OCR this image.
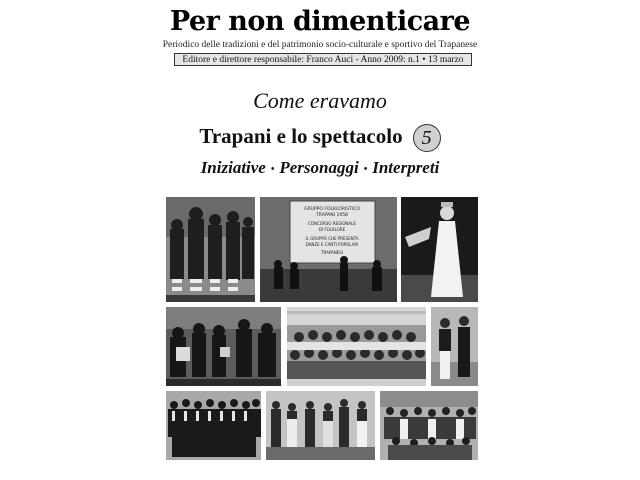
Per non dimenticare
Periodico delle tradizioni e del patrimonio socio-culturale e sportivo del Trapanese
Editore e direttore responsabile: Franco Auci - Anno 2009: n.1 • 13 marzo
Come eravamo
Trapani e lo spettacolo 5
Iniziative • Personaggi • Interpreti
GRUPPO FOLKLORISTICO
TRAPANI 1958
CONCORSO REGIONALE
DI FOLKLORE
IL GRUPPO CHE PRESENTA
DANZE E CANTI POPOLARI
TRAPANESI
